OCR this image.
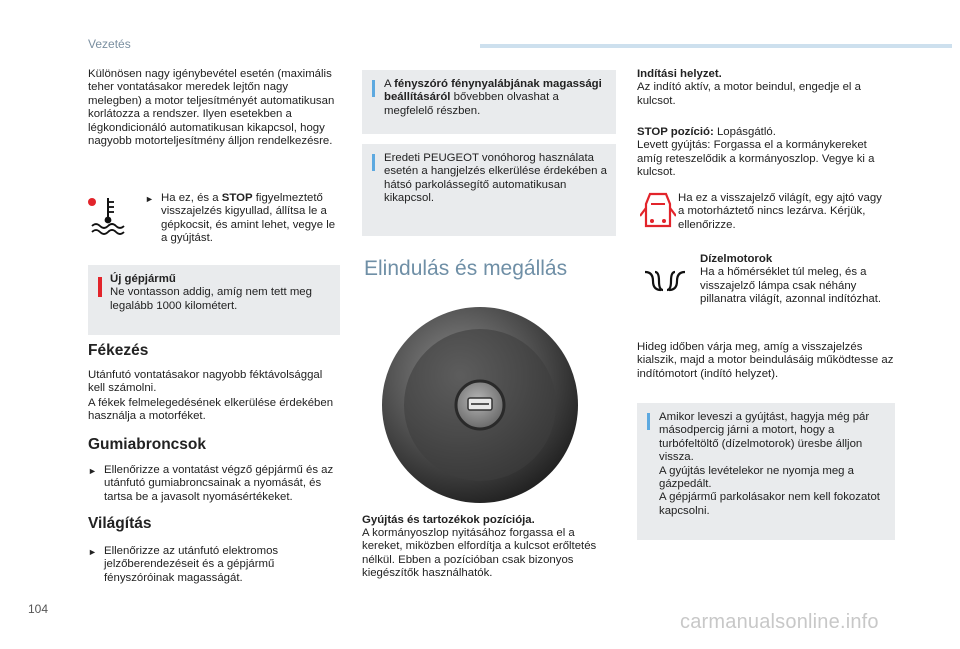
Vezetés

Különösen nagy igénybevétel esetén (maximális teher vontatásakor meredek lejtőn nagy melegben) a motor teljesítményét automatikusan korlátozza a rendszer. Ilyen esetekben a légkondicionáló automatikusan kikapcsol, hogy nagyobb motorteljesítmény álljon rendelkezésre.

► Ha ez, és a STOP figyelmeztető visszajelzés kigyullad, állítsa le a gépkocsit, és amint lehet, vegye le a gyújtást.
Új gépjármű
Ne vontasson addig, amíg nem tett meg legalább 1000 kilométert.
Fékezés

Utánfutó vontatásakor nagyobb féktávolsággal kell számolni.

A fékek felmelegedésének elkerülése érdekében használja a motorféket.

Gumiabroncsok
► Ellenőrizze a vontatást végző gépjármű és az utánfutó gumiabroncsainak a nyomását, és tartsa be a javasolt nyomásértékeket.
Világítás
► Ellenőrizze az utánfutó elektromos jelzőberendezéseit és a gépjármű fényszóróinak magasságát.
A fényszóró fénynyalábjának magassági beállításáról bővebben olvashat a megfelelő részben.
Eredeti PEUGEOT vonóhorog használata esetén a hangjelzés elkerülése érdekében a hátsó parkolássegítő automatikusan kikapcsol.
Elindulás és megállás

Gyújtás és tartozékok pozíciója.

A kormányoszlop nyitásához forgassa el a kereket, miközben elfordítja a kulcsot erőltetés nélkül. Ebben a pozícióban csak bizonyos kiegészítők használhatók.

Indítási helyzet.
Az indító aktív, a motor beindul, engedje el a kulcsot.

STOP pozíció: Lopásgátló.
Levett gyújtás: Forgassa el a kormánykereket amíg reteszelődik a kormányoszlop. Vegye ki a kulcsot.

Ha ez a visszajelző világít, egy ajtó vagy a motorháztető nincs lezárva. Kérjük, ellenőrizze.

Dízelmotorok
Ha a hőmérséklet túl meleg, és a visszajelző lámpa csak néhány pillanatra világít, azonnal indítózhat.

Hideg időben várja meg, amíg a visszajelzés kialszik, majd a motor beindulásáig működtesse az indítómotort (indító helyzet).

Amikor leveszi a gyújtást, hagyja még pár másodpercig járni a motort, hogy a turbófeltöltő (dízelmotorok) üresbe álljon vissza.
A gyújtás levételekor ne nyomja meg a gázpedált.
A gépjármű parkolásakor nem kell fokozatot kapcsolni.
104
carmanualsonline.info
